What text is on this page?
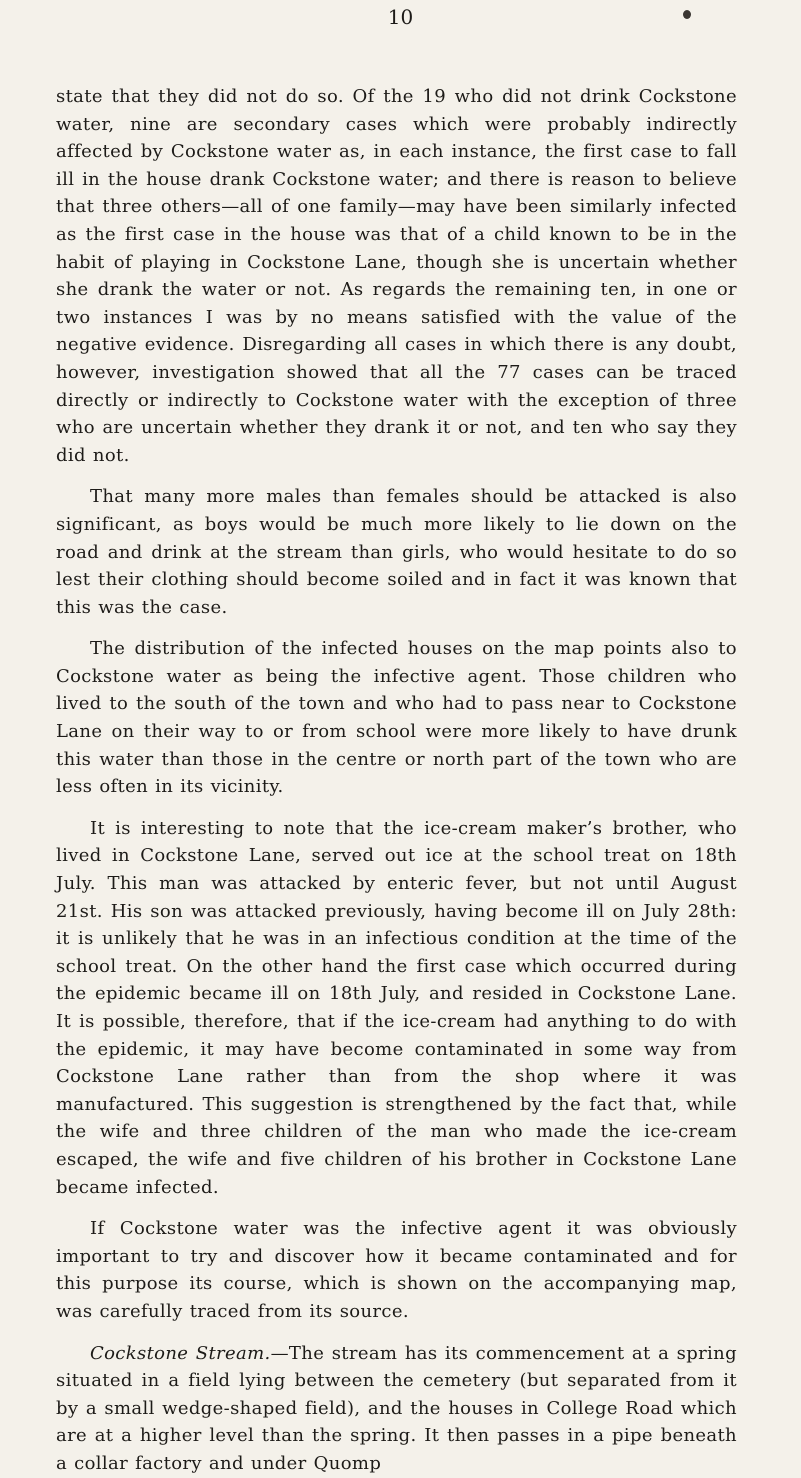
10

state that they did not do so. Of the 19 who did not drink Cockstone water, nine are secondary cases which were probably indirectly affected by Cockstone water as, in each instance, the first case to fall ill in the house drank Cockstone water; and there is reason to believe that three others—all of one family—may have been similarly infected as the first case in the house was that of a child known to be in the habit of playing in Cockstone Lane, though she is uncertain whether she drank the water or not. As regards the remaining ten, in one or two instances I was by no means satisfied with the value of the negative evidence. Disregarding all cases in which there is any doubt, however, investigation showed that all the 77 cases can be traced directly or indirectly to Cockstone water with the exception of three who are uncertain whether they drank it or not, and ten who say they did not.

That many more males than females should be attacked is also significant, as boys would be much more likely to lie down on the road and drink at the stream than girls, who would hesitate to do so lest their clothing should become soiled and in fact it was known that this was the case.

The distribution of the infected houses on the map points also to Cockstone water as being the infective agent. Those children who lived to the south of the town and who had to pass near to Cockstone Lane on their way to or from school were more likely to have drunk this water than those in the centre or north part of the town who are less often in its vicinity.

It is interesting to note that the ice-cream maker’s brother, who lived in Cockstone Lane, served out ice at the school treat on 18th July. This man was attacked by enteric fever, but not until August 21st. His son was attacked previously, having become ill on July 28th: it is unlikely that he was in an infectious condition at the time of the school treat. On the other hand the first case which occurred during the epidemic became ill on 18th July, and resided in Cockstone Lane. It is possible, therefore, that if the ice-cream had anything to do with the epidemic, it may have become contaminated in some way from Cockstone Lane rather than from the shop where it was manufactured. This suggestion is strengthened by the fact that, while the wife and three children of the man who made the ice-cream escaped, the wife and five children of his brother in Cockstone Lane became infected.

If Cockstone water was the infective agent it was obviously important to try and discover how it became contaminated and for this purpose its course, which is shown on the accompanying map, was carefully traced from its source.

Cockstone Stream.—The stream has its commencement at a spring situated in a field lying between the cemetery (but separated from it by a small wedge-shaped field), and the houses in College Road which are at a higher level than the spring. It then passes in a pipe beneath a collar factory and under Quomp
